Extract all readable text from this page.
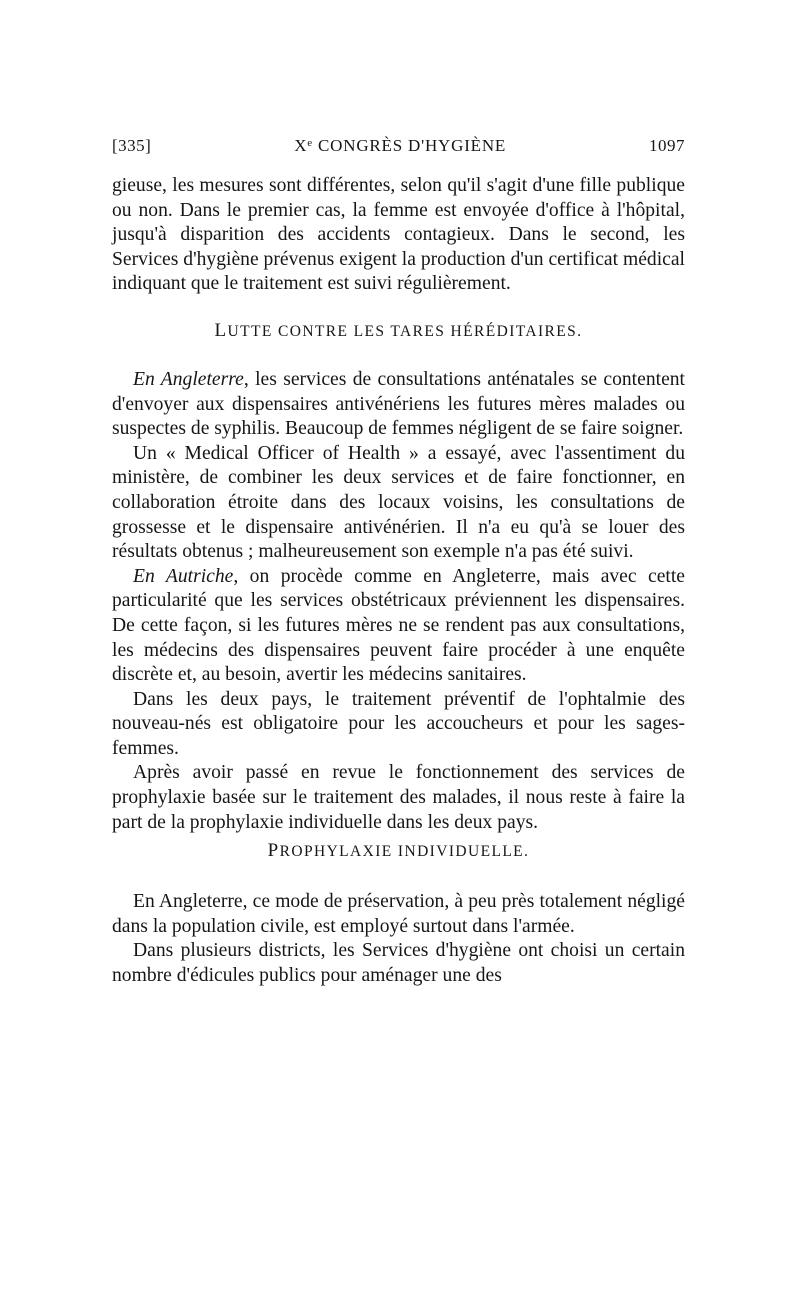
[335]	Xe CONGRÈS D'HYGIÈNE	1097

gieuse, les mesures sont différentes, selon qu'il s'agit d'une fille publique ou non. Dans le premier cas, la femme est envoyée d'office à l'hôpital, jusqu'à disparition des accidents contagieux. Dans le second, les Services d'hygiène prévenus exigent la production d'un certificat médical indiquant que le traitement est suivi régulièrement.

LUTTE CONTRE LES TARES HÉRÉDITAIRES.

En Angleterre, les services de consultations anténatales se contentent d'envoyer aux dispensaires antivénériens les futures mères malades ou suspectes de syphilis. Beaucoup de femmes négligent de se faire soigner.

Un « Medical Officer of Health » a essayé, avec l'assentiment du ministère, de combiner les deux services et de faire fonctionner, en collaboration étroite dans des locaux voisins, les consultations de grossesse et le dispensaire antivénérien. Il n'a eu qu'à se louer des résultats obtenus ; malheureusement son exemple n'a pas été suivi.

En Autriche, on procède comme en Angleterre, mais avec cette particularité que les services obstétricaux préviennent les dispensaires. De cette façon, si les futures mères ne se rendent pas aux consultations, les médecins des dispensaires peuvent faire procéder à une enquête discrète et, au besoin, avertir les médecins sanitaires.

Dans les deux pays, le traitement préventif de l'ophtalmie des nouveau-nés est obligatoire pour les accoucheurs et pour les sages-femmes.

Après avoir passé en revue le fonctionnement des services de prophylaxie basée sur le traitement des malades, il nous reste à faire la part de la prophylaxie individuelle dans les deux pays.

PROPHYLAXIE INDIVIDUELLE.

En Angleterre, ce mode de préservation, à peu près totalement négligé dans la population civile, est employé surtout dans l'armée.

Dans plusieurs districts, les Services d'hygiène ont choisi un certain nombre d'édicules publics pour aménager une des
